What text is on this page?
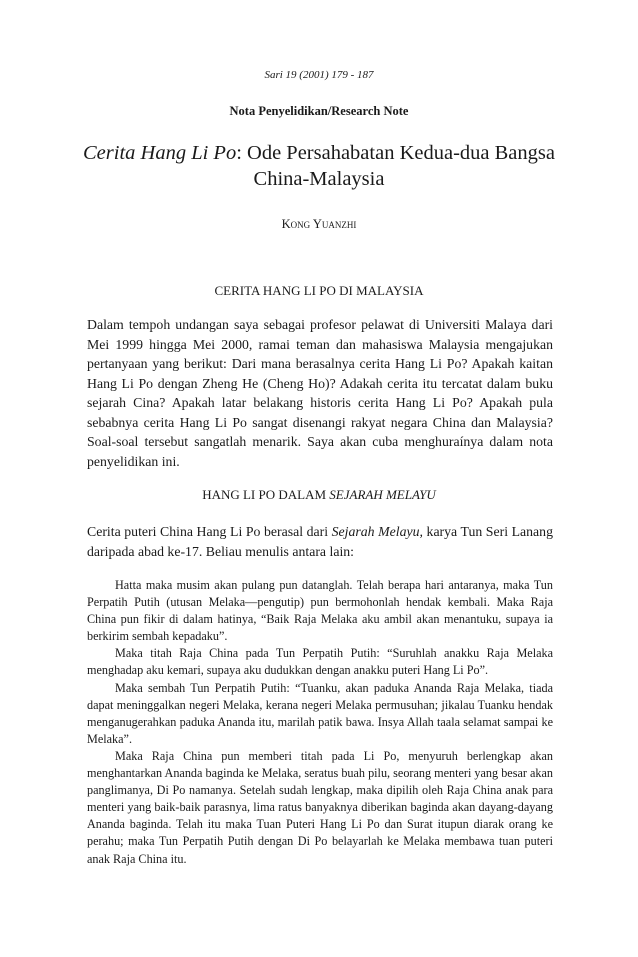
Sari 19 (2001) 179 - 187
Nota Penyelidikan/Research Note
Cerita Hang Li Po: Ode Persahabatan Kedua-dua Bangsa China-Malaysia
Kong Yuanzhi
CERITA HANG LI PO DI MALAYSIA

Dalam tempoh undangan saya sebagai profesor pelawat di Universiti Malaya dari Mei 1999 hingga Mei 2000, ramai teman dan mahasiswa Malaysia mengajukan pertanyaan yang berikut: Dari mana berasalnya cerita Hang Li Po? Apakah kaitan Hang Li Po dengan Zheng He (Cheng Ho)? Adakah cerita itu tercatat dalam buku sejarah Cina? Apakah latar belakang historis cerita Hang Li Po? Apakah pula sebabnya cerita Hang Li Po sangat disenangi rakyat negara China dan Malaysia? Soal-soal tersebut sangatlah menarik. Saya akan cuba menghuraínya dalam nota penyelidikan ini.

HANG LI PO DALAM SEJARAH MELAYU

Cerita puteri China Hang Li Po berasal dari Sejarah Melayu, karya Tun Seri Lanang daripada abad ke-17. Beliau menulis antara lain:

Hatta maka musim akan pulang pun datanglah. Telah berapa hari antaranya, maka Tun Perpatih Putih (utusan Melaka—pengutip) pun bermohonlah hendak kembali. Maka Raja China pun fikir di dalam hatinya, “Baik Raja Melaka aku ambil akan menantuku, supaya ia berkirim sembah kepadaku”.

Maka titah Raja China pada Tun Perpatih Putih: “Suruhlah anakku Raja Melaka menghadap aku kemari, supaya aku dudukkan dengan anakku puteri Hang Li Po”.

Maka sembah Tun Perpatih Putih: “Tuanku, akan paduka Ananda Raja Melaka, tiada dapat meninggalkan negeri Melaka, kerana negeri Melaka permusuhan; jikalau Tuanku hendak menganugerahkan paduka Ananda itu, marilah patik bawa. Insya Allah taala selamat sampai ke Melaka”.

Maka Raja China pun memberi titah pada Li Po, menyuruh berlengkap akan menghantarkan Ananda baginda ke Melaka, seratus buah pilu, seorang menteri yang besar akan panglimanya, Di Po namanya. Setelah sudah lengkap, maka dipilih oleh Raja China anak para menteri yang baik-baik parasnya, lima ratus banyaknya diberikan baginda akan dayang-dayang Ananda baginda. Telah itu maka Tuan Puteri Hang Li Po dan Surat itupun diarak orang ke perahu; maka Tun Perpatih Putih dengan Di Po belayarlah ke Melaka membawa tuan puteri anak Raja China itu.
